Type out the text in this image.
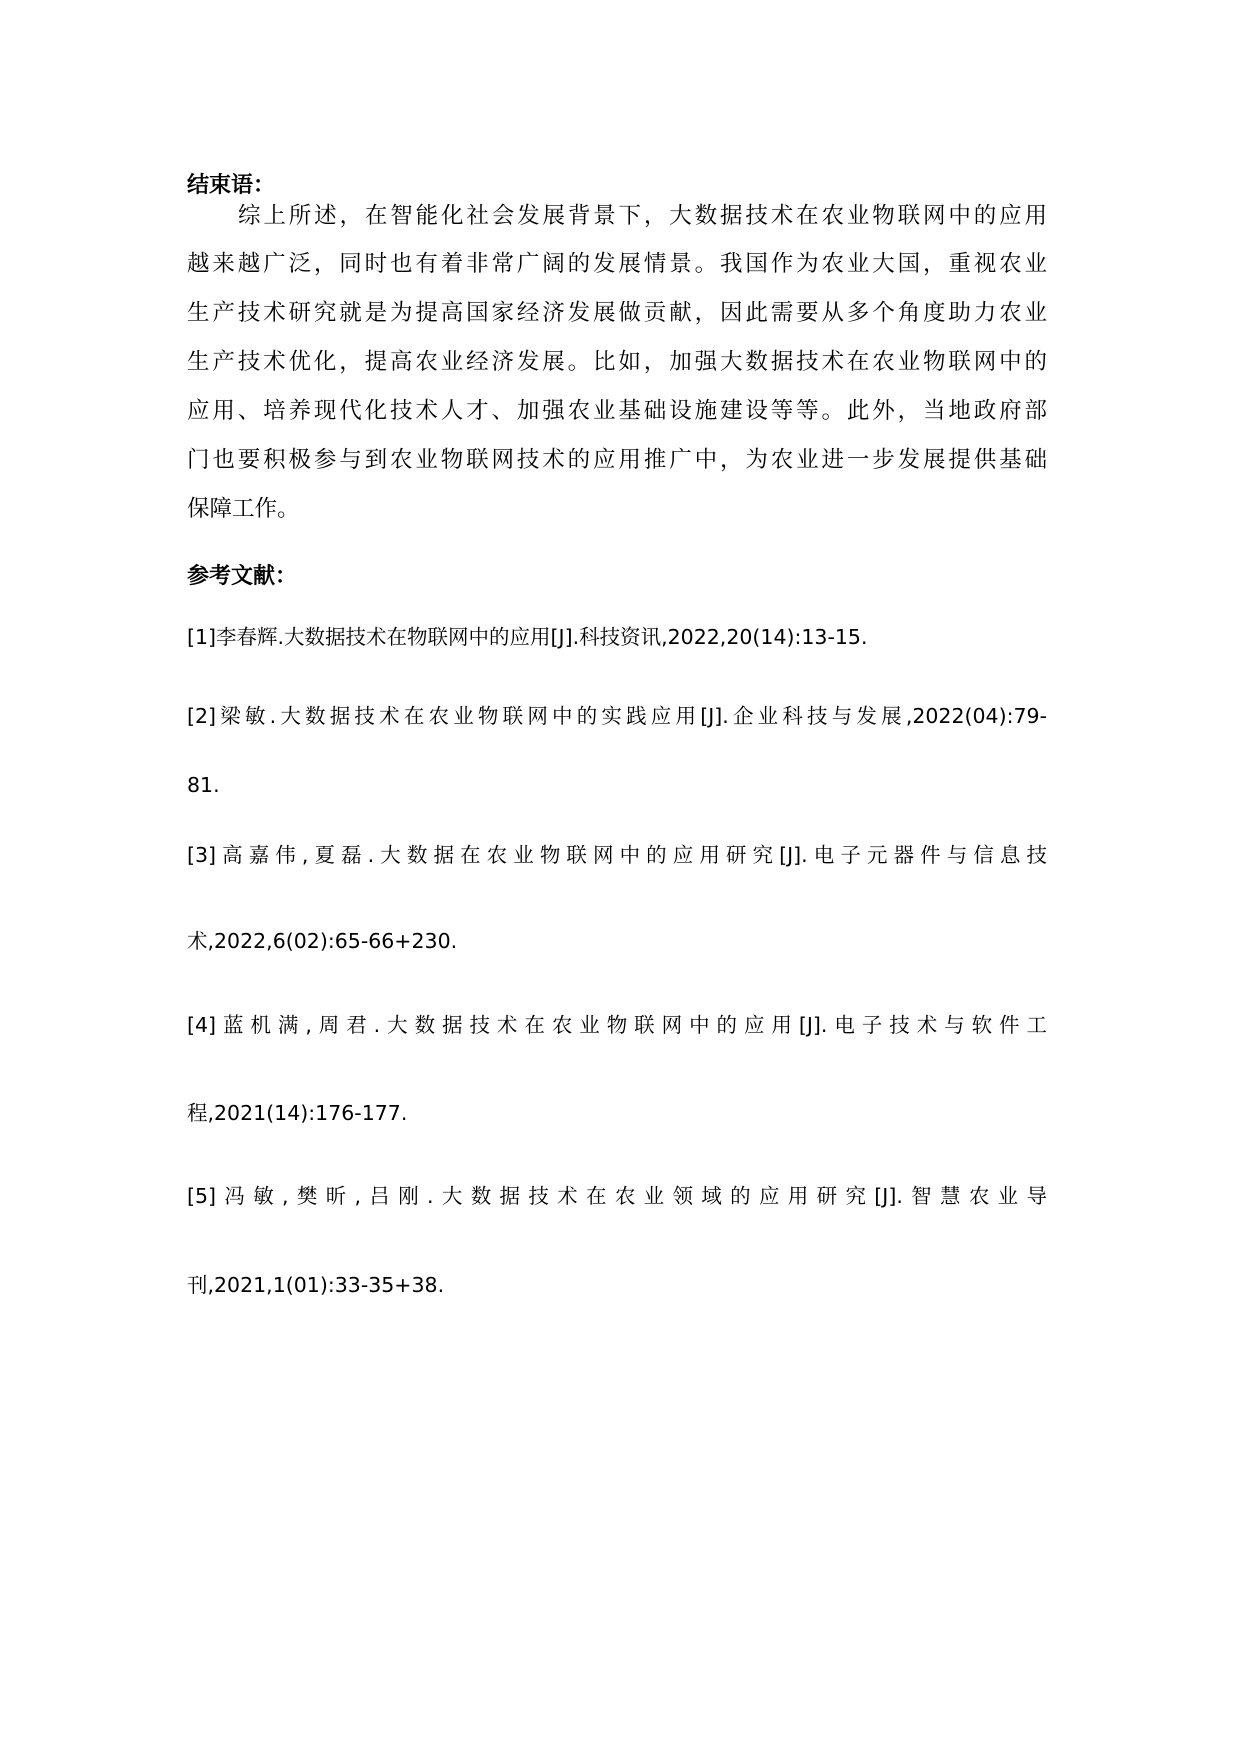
结束语：

综上所述，在智能化社会发展背景下，大数据技术在农业物联网中的应用

越来越广泛，同时也有着非常广阔的发展情景。我国作为农业大国，重视农业

生产技术研究就是为提高国家经济发展做贡献，因此需要从多个角度助力农业

生产技术优化，提高农业经济发展。比如，加强大数据技术在农业物联网中的

应用、培养现代化技术人才、加强农业基础设施建设等等。此外，当地政府部

门也要积极参与到农业物联网技术的应用推广中，为农业进一步发展提供基础

保障工作。

参考文献：

[1]李春辉.大数据技术在物联网中的应用[J].科技资讯,2022,20(14):13-15.

[2]梁敏.大数据技术在农业物联网中的实践应用[J].企业科技与发展,2022(04):79-

81.

[3]高嘉伟,夏磊.大数据在农业物联网中的应用研究[J].电子元器件与信息技

术,2022,6(02):65-66+230.

[4]蓝机满,周君.大数据技术在农业物联网中的应用[J].电子技术与软件工

程,2021(14):176-177.

[5]冯敏,樊昕,吕刚.大数据技术在农业领域的应用研究[J].智慧农业导

刊,2021,1(01):33-35+38.
